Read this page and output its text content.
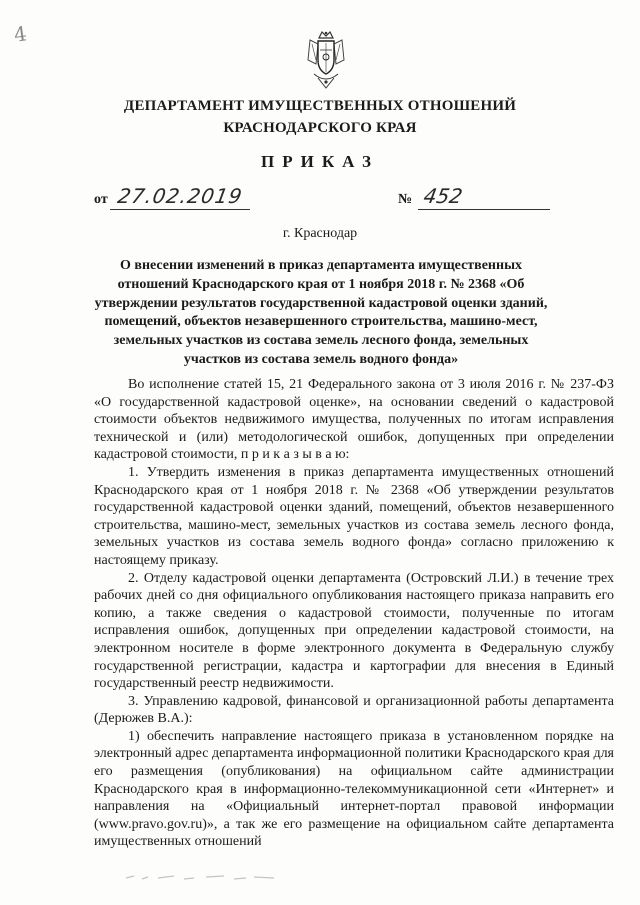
4
ДЕПАРТАМЕНТ ИМУЩЕСТВЕННЫХ ОТНОШЕНИЙ
КРАСНОДАРСКОГО КРАЯ
ПРИКАЗ
от 27.02.2019	№ 452
г. Краснодар
О внесении изменений в приказ департамента имущественных отношений Краснодарского края от 1 ноября 2018 г. № 2368 «Об утверждении результатов государственной кадастровой оценки зданий, помещений, объектов незавершенного строительства, машино-мест, земельных участков из состава земель лесного фонда, земельных участков из состава земель водного фонда»

Во исполнение статей 15, 21 Федерального закона от 3 июля 2016 г. № 237-ФЗ «О государственной кадастровой оценке», на основании сведений о кадастровой стоимости объектов недвижимого имущества, полученных по итогам исправления технической и (или) методологической ошибок, допущенных при определении кадастровой стоимости, п р и к а з ы в а ю:

1. Утвердить изменения в приказ департамента имущественных отношений Краснодарского края от 1 ноября 2018 г. № 2368 «Об утверждении результатов государственной кадастровой оценки зданий, помещений, объектов незавершенного строительства, машино-мест, земельных участков из состава земель лесного фонда, земельных участков из состава земель водного фонда» согласно приложению к настоящему приказу.

2. Отделу кадастровой оценки департамента (Островский Л.И.) в течение трех рабочих дней со дня официального опубликования настоящего приказа направить его копию, а также сведения о кадастровой стоимости, полученные по итогам исправления ошибок, допущенных при определении кадастровой стоимости, на электронном носителе в форме электронного документа в Федеральную службу государственной регистрации, кадастра и картографии для внесения в Единый государственный реестр недвижимости.

3. Управлению кадровой, финансовой и организационной работы департамента (Дерюжев В.А.):

1) обеспечить направление настоящего приказа в установленном порядке на электронный адрес департамента информационной политики Краснодарского края для его размещения (опубликования) на официальном сайте администрации Краснодарского края в информационно-телекоммуникационной сети «Интернет» и направления на «Официальный интернет-портал правовой информации (www.pravo.gov.ru)», а так же его размещение на официальном сайте департамента имущественных отношений
